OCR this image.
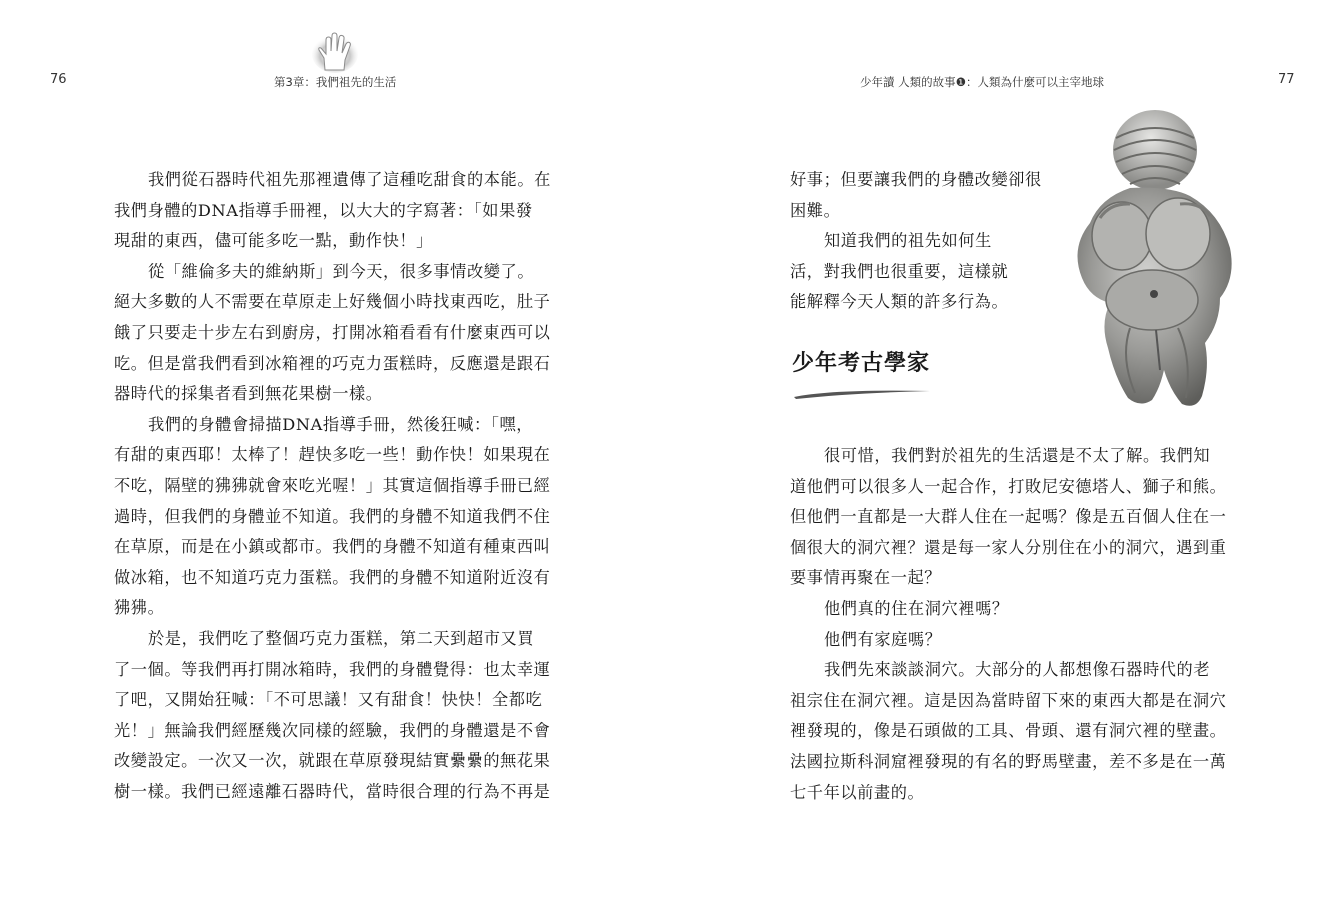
76	第3章：我們祖先的生活	少年讀 人類的故事❶：人類為什麼可以主宰地球	77
我們從石器時代祖先那裡遺傳了這種吃甜食的本能。在
我們身體的DNA指導手冊裡，以大大的字寫著：「如果發
現甜的東西，儘可能多吃一點，動作快！」
從「維倫多夫的維納斯」到今天，很多事情改變了。
絕大多數的人不需要在草原走上好幾個小時找東西吃，肚子
餓了只要走十步左右到廚房，打開冰箱看看有什麼東西可以
吃。但是當我們看到冰箱裡的巧克力蛋糕時，反應還是跟石
器時代的採集者看到無花果樹一樣。
我們的身體會掃描DNA指導手冊，然後狂喊：「嘿，
有甜的東西耶！太棒了！趕快多吃一些！動作快！如果現在
不吃，隔壁的狒狒就會來吃光喔！」其實這個指導手冊已經
過時，但我們的身體並不知道。我們的身體不知道我們不住
在草原，而是在小鎮或都市。我們的身體不知道有種東西叫
做冰箱，也不知道巧克力蛋糕。我們的身體不知道附近沒有
狒狒。
於是，我們吃了整個巧克力蛋糕，第二天到超市又買
了一個。等我們再打開冰箱時，我們的身體覺得：也太幸運
了吧，又開始狂喊：「不可思議！又有甜食！快快！全都吃
光！」無論我們經歷幾次同樣的經驗，我們的身體還是不會
改變設定。一次又一次，就跟在草原發現結實纍纍的無花果
樹一樣。我們已經遠離石器時代，當時很合理的行為不再是
好事；但要讓我們的身體改變卻很
困難。
知道我們的祖先如何生
活，對我們也很重要，這樣就
能解釋今天人類的許多行為。
少年考古學家
很可惜，我們對於祖先的生活還是不太了解。我們知
道他們可以很多人一起合作，打敗尼安德塔人、獅子和熊。
但他們一直都是一大群人住在一起嗎？像是五百個人住在一
個很大的洞穴裡？還是每一家人分別住在小的洞穴，遇到重
要事情再聚在一起？
他們真的住在洞穴裡嗎？
他們有家庭嗎？
我們先來談談洞穴。大部分的人都想像石器時代的老
祖宗住在洞穴裡。這是因為當時留下來的東西大都是在洞穴
裡發現的，像是石頭做的工具、骨頭、還有洞穴裡的壁畫。
法國拉斯科洞窟裡發現的有名的野馬壁畫，差不多是在一萬
七千年以前畫的。
